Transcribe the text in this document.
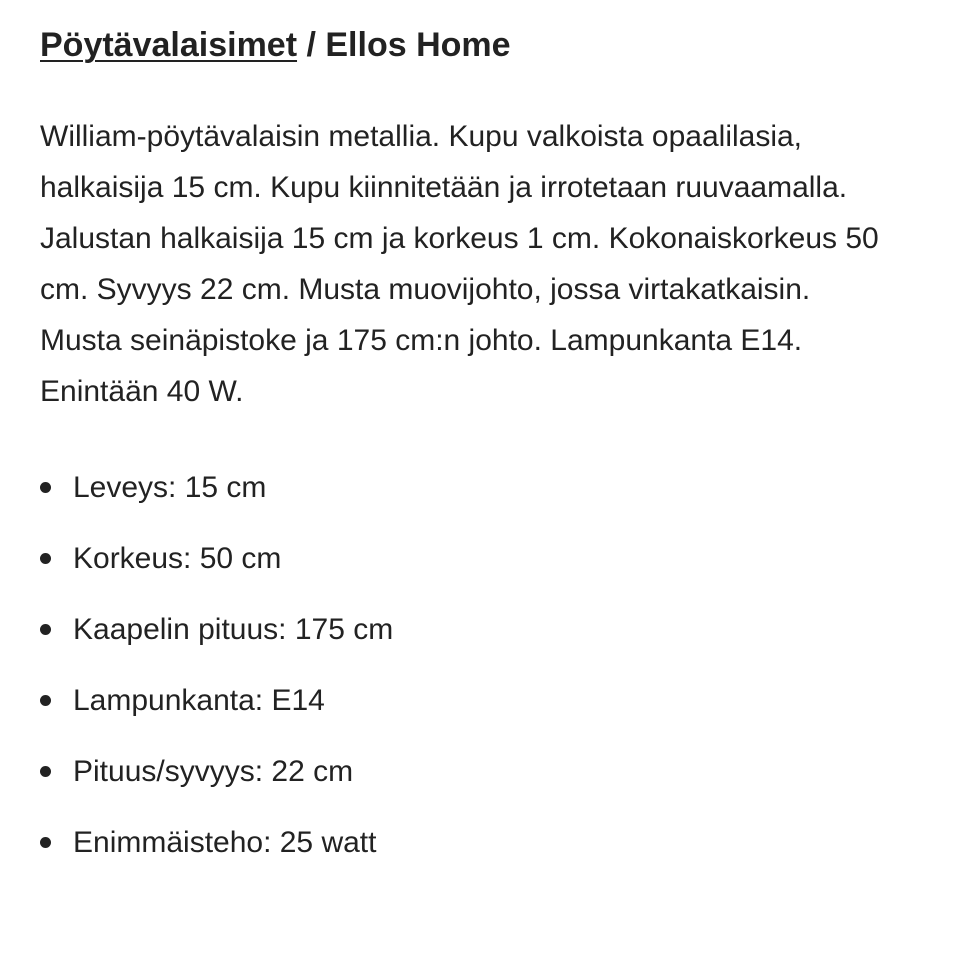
Pöytävalaisimet / Ellos Home

William-pöytävalaisin metallia. Kupu valkoista opaalilasia, halkaisija 15 cm. Kupu kiinnitetään ja irrotetaan ruuvaamalla. Jalustan halkaisija 15 cm ja korkeus 1 cm. Kokonaiskorkeus 50 cm. Syvyys 22 cm. Musta muovijohto, jossa virtakatkaisin. Musta seinäpistoke ja 175 cm:n johto. Lampunkanta E14. Enintään 40 W.

Leveys: 15 cm
Korkeus: 50 cm
Kaapelin pituus: 175 cm
Lampunkanta: E14
Pituus/syvyys: 22 cm
Enimmäisteho: 25 watt
